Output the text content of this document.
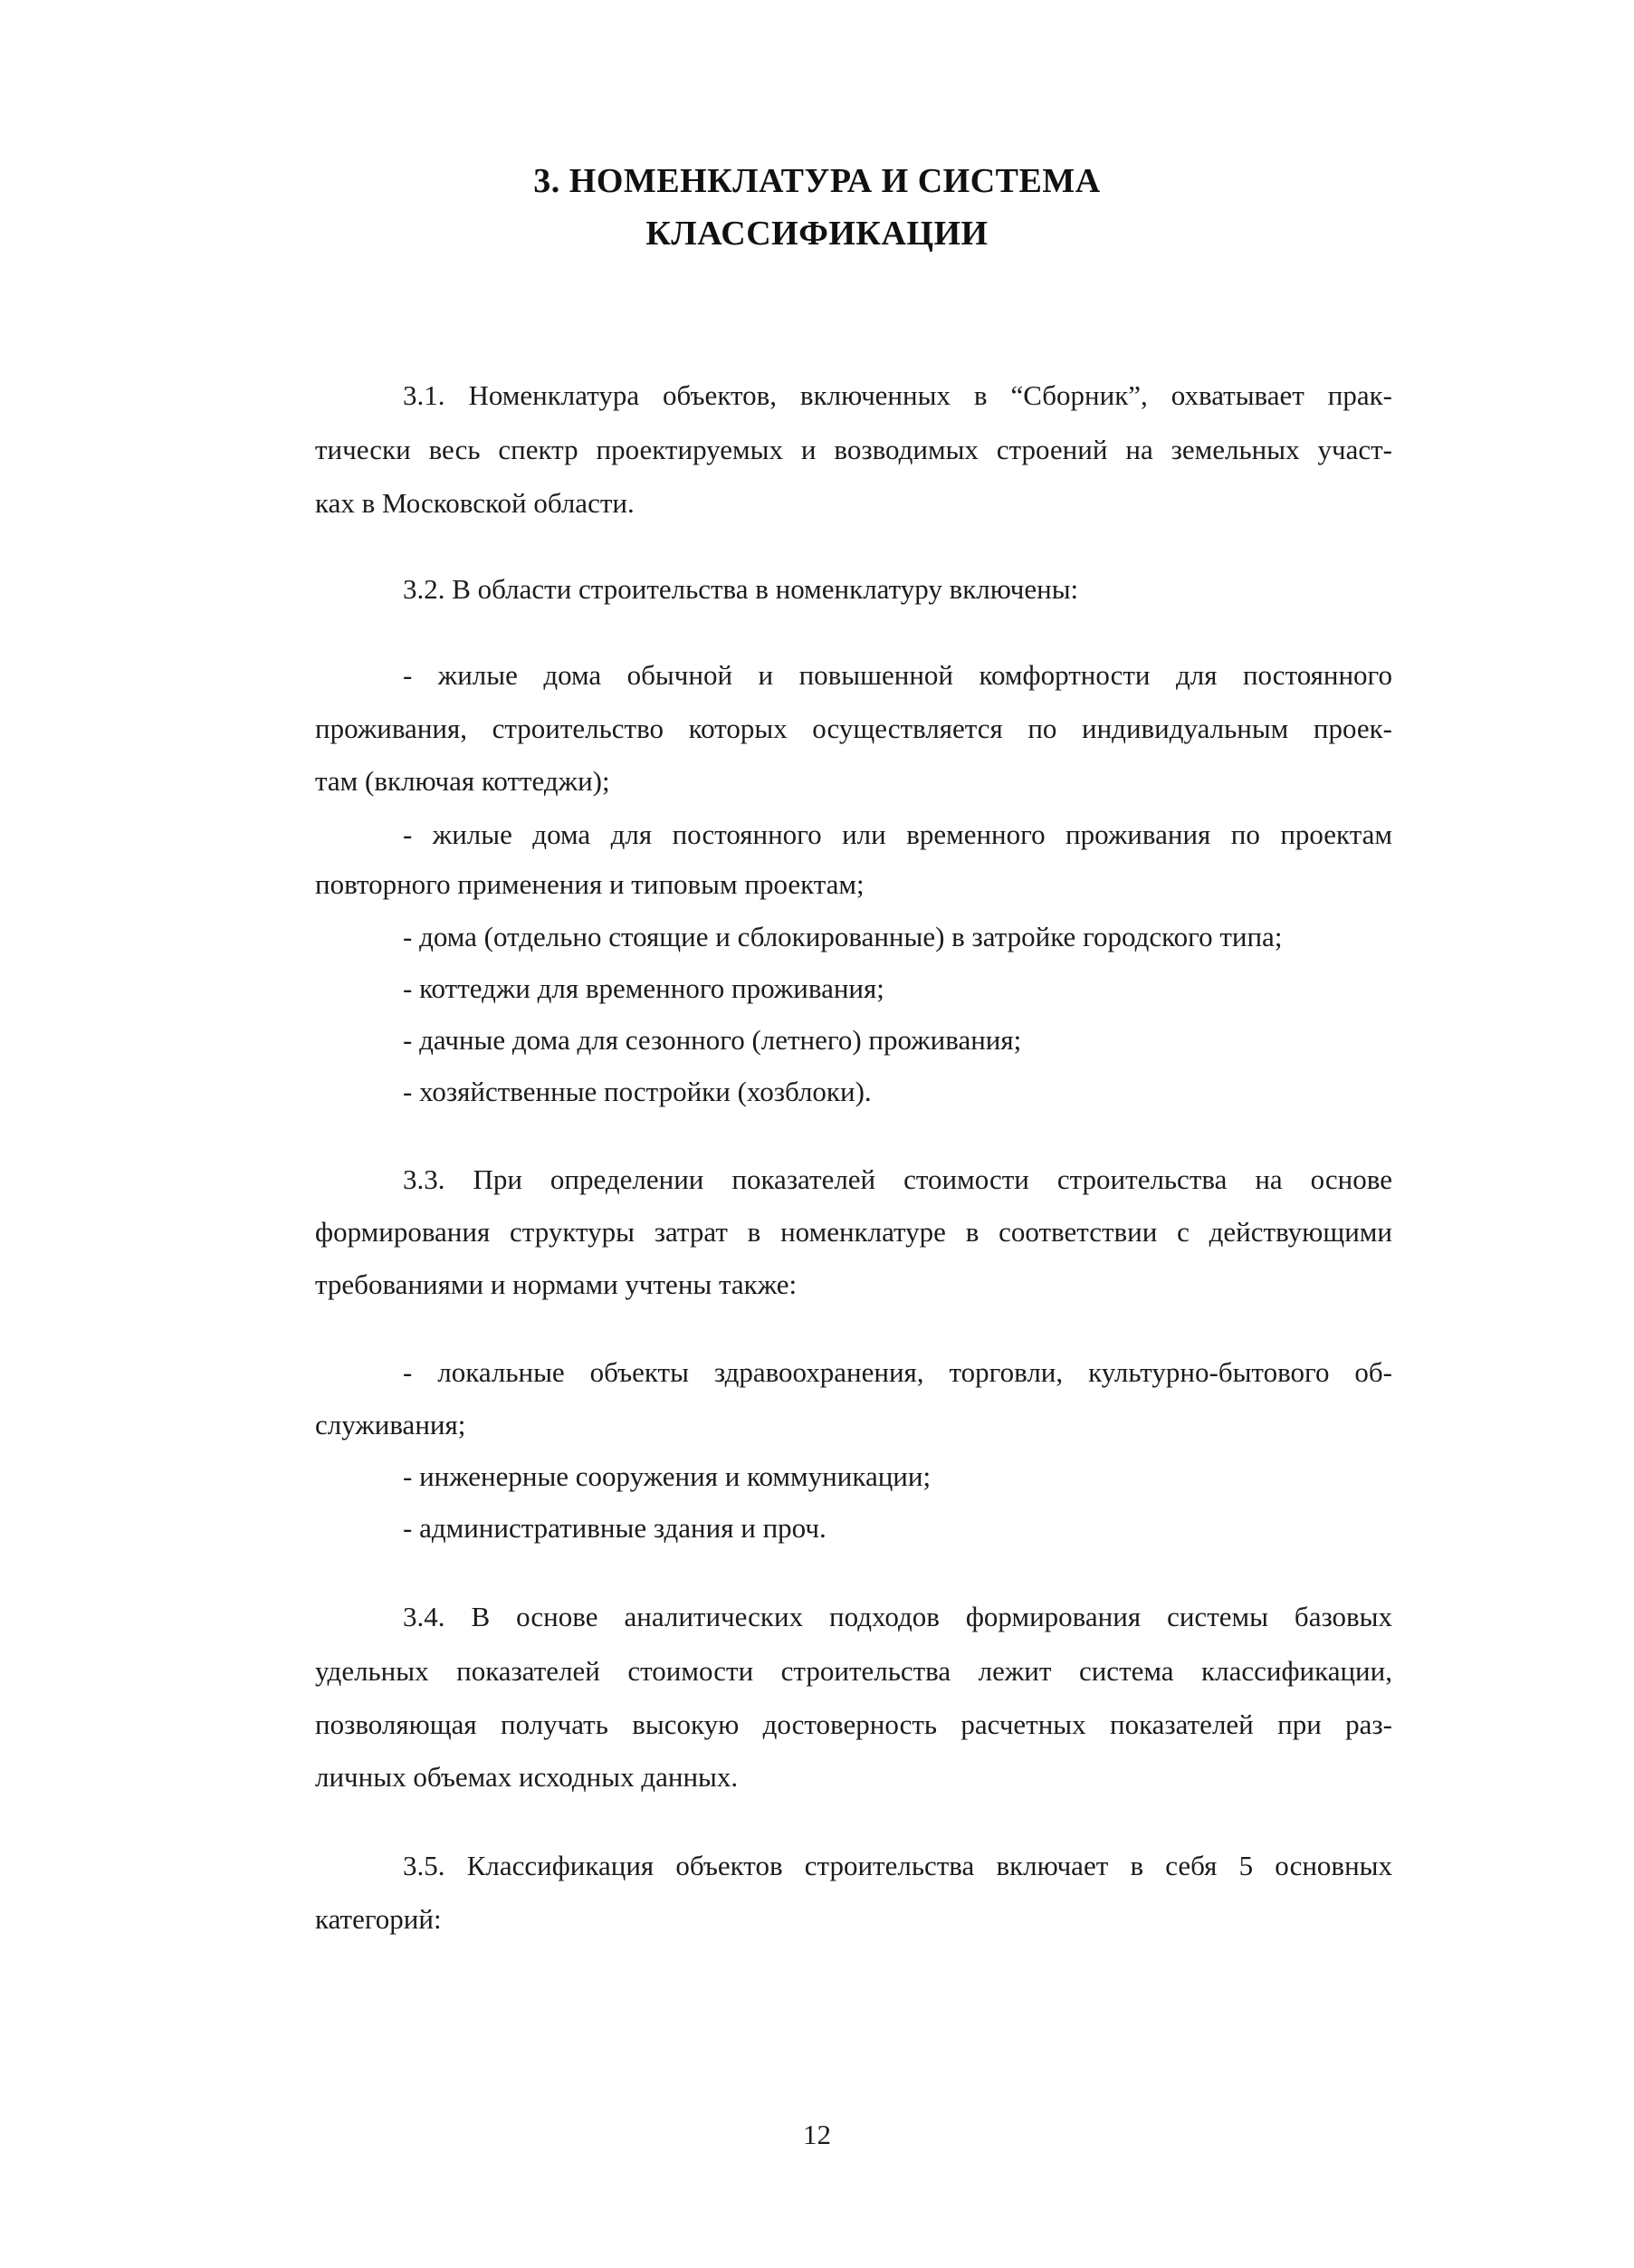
3. НОМЕНКЛАТУРА И СИСТЕМА
КЛАССИФИКАЦИИ
3.1. Номенклатура объектов, включенных в “Сборник”, охватывает прак-
тически весь спектр проектируемых и возводимых строений на земельных участ-
ках в Московской области.
3.2. В области строительства в номенклатуру включены:
- жилые дома обычной и повышенной комфортности для постоянного
проживания, строительство которых осуществляется по индивидуальным проек-
там (включая коттеджи);
- жилые дома для постоянного или временного проживания по проектам
повторного применения и типовым проектам;
- дома (отдельно стоящие и сблокированные) в затройке городского типа;
- коттеджи для временного проживания;
- дачные дома для сезонного (летнего) проживания;
- хозяйственные постройки (хозблоки).
3.3. При определении показателей стоимости строительства на основе
формирования структуры затрат в номенклатуре в соответствии с действующими
требованиями и нормами учтены также:
- локальные объекты здравоохранения, торговли, культурно-бытового об-
служивания;
- инженерные сооружения и коммуникации;
- административные здания и проч.
3.4. В основе аналитических подходов формирования системы базовых
удельных показателей стоимости строительства лежит система классификации,
позволяющая получать высокую достоверность расчетных показателей при раз-
личных объемах исходных данных.
3.5. Классификация объектов строительства включает в себя 5 основных
категорий:
12
